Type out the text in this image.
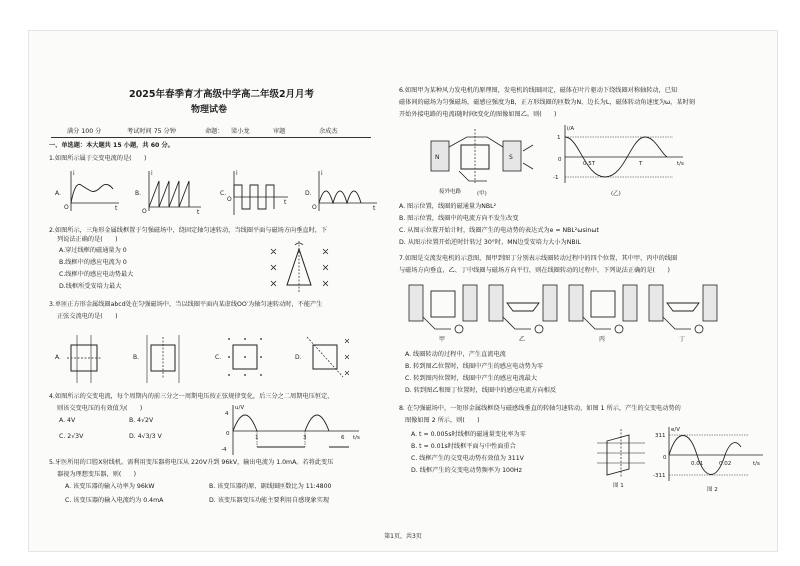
2025年春季育才高级中学高二年级2月月考
物理试卷
满分 100 分	考试时间 75 分钟	命题： 梁小龙	审题	余成杰
一、单选题：本大题共 15 小题，共 60 分。
1.如图所示属于交变电流的是(　　)
A.
i
t
O
B.
i
t
O
C.
i
t
O
D.
i
t
O
2.如图所示，三角形金属线框置于匀强磁场中，绕固定轴匀速转动，当线圈平面与磁场方向垂直时，下
列说法正确的是(　　)
A.穿过线框的磁通量为 0
B.线框中的感应电流为 0
C.线框中的感应电动势最大
D.线框所受安培力最大
3.单匝正方形金属线圈abcd处在匀强磁场中，当以线圈平面内某虚线OO′为轴匀速转动时，不能产生
正弦交流电的是(　　)
A.	B.	C.	D.
4.如图所示的交变电流，每个周期内的前三分之一周期电压按正弦规律变化，后三分之二周期电压恒定，
则该交变电压的有效值为(　　)
A. 4V	B. 4√2V
C. 2√3V	D. 4√3/3 V
u/V
t/s
4
0
-4
1	3	6
5.牙医所用的口腔X射线机。需利用变压器将电压从 220V升到 96kV，输出电流为 1.0mA。若将此变压
器视为理想变压器，则(　　)
A. 该变压器的输入功率为 96kW	B. 该变压器的原、副线圈匝数比为 11:4800
C. 该变压器的输入电流约为 0.4mA	D. 该变压器变压功能主要利用自感现象实现
6.如图甲为某种风力发电机的原理图，发电机的线圈固定，磁体在叶片驱动下绕线圈对称轴转动，已知
磁体间的磁场为匀强磁场，磁感应强度为B，正方形线圈的匝数为N、边长为L，磁体转动角速度为ω，某时刻
开始外接电路的电流i随时间t变化的图像如图乙。则(　　)
N	S
接外电路	(甲)
i/A
1
0
-1
0.5T	T	t/s
(乙)
A. 图示位置，线圈的磁通量为NBL²
B. 图示位置，线圈中的电流方向不发生改变
C. 从图示位置开始计时，线圈产生的电动势的表达式为e = NBL²ωsinωt
D. 从图示位置开始逆时针转过 30°时，MN边受安培力大小为NBIL
7.如图是交流发电机的示意图，图甲到图丁分别表示线圈转动过程中的四个位置，其中甲、丙中的线圈
与磁场方向垂直，乙、丁中线圈与磁场方向平行，则在线圈转动的过程中，下列说法正确的是(　　)
甲	乙	丙	丁
A. 线圈转动的过程中，产生直流电流
B. 转到图乙位置时，线圈中产生的感应电动势为零
C. 转到图丙位置时，线圈中产生的感应电流最大
D. 转到图乙和图丁位置时，线圈中的感应电流方向相反
8. 在匀强磁场中，一矩形金属线框绕与磁感线垂直的转轴匀速转动，如图 1 所示，产生的交变电动势的
图像如图 2 所示，则(　　)
A. t = 0.005s时线框的磁通量变化率为零
B. t = 0.01s时线框平面与中性面重合
C. 线框产生的交变电动势有效值为 311V
D. 线框产生的交变电动势频率为 100Hz
图 1
e/V
311
0
-311
0.01	0.02	t/s
图 2
第1页，共3页
